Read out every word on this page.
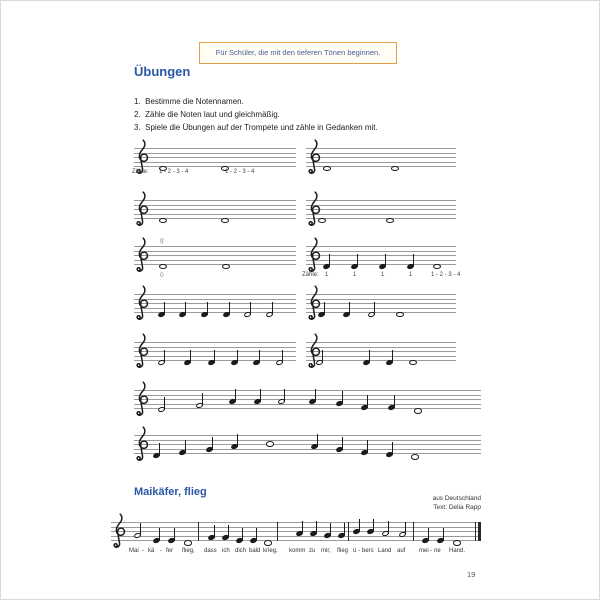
Für Schüler, die mit den tieferen Tönen beginnen.
Übungen
1.  Bestimme die Notennamen.
2.  Zähle die Noten laut und gleichmäßig.
3.  Spiele die Übungen auf der Trompete und zähle in Gedanken mit.
Zähle: 1 - 2 - 3 - 4	1 - 2 - 3 - 4
g
0	Zähle: 1	1	1	1	1 - 2 - 3 - 4
Maikäfer, flieg
aus Deutschland
Text: Delia Rapp
Mai - kä - fer flieg, dass ich dich bald krieg, komm zu mir, flieg ü - bers Land auf mei - ne Hand.
19
